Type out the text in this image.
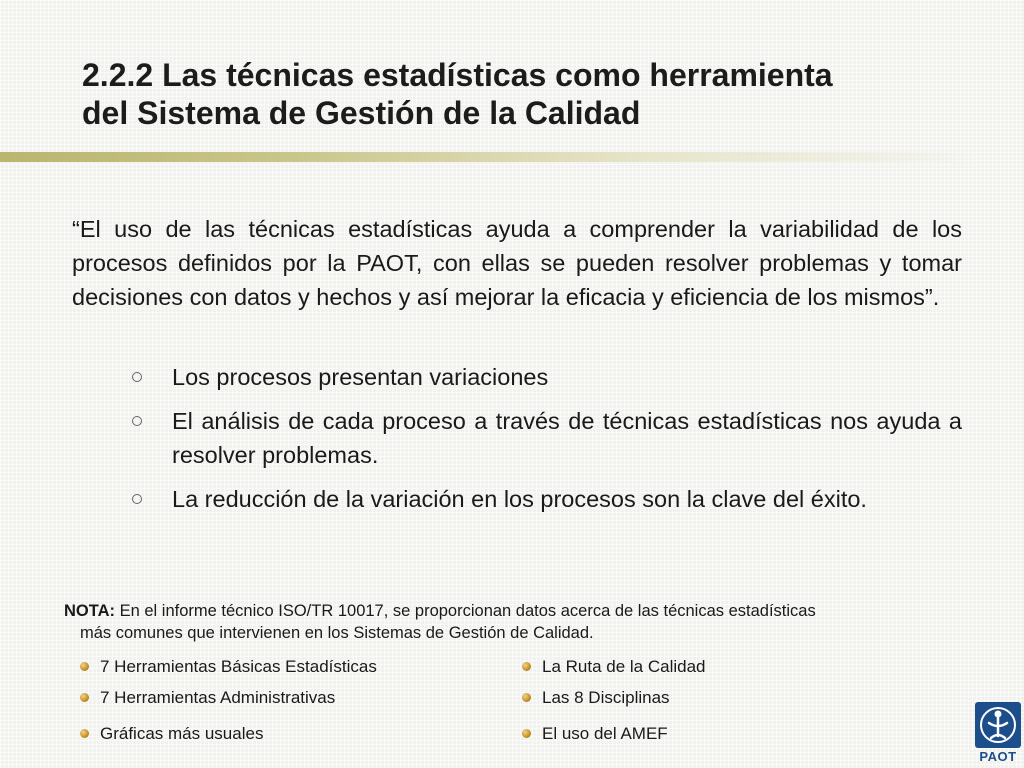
2.2.2 Las técnicas estadísticas como herramienta
del Sistema de Gestión de la Calidad

“El uso de las técnicas estadísticas ayuda a comprender la variabilidad de los procesos definidos por la PAOT, con ellas se pueden resolver problemas y tomar decisiones con datos y hechos y así mejorar la eficacia y eficiencia de los mismos”.

Los procesos presentan variaciones
El análisis de cada proceso a través de técnicas estadísticas nos ayuda a resolver problemas.
La reducción de la variación en los procesos son la clave del éxito.

NOTA: En el informe técnico ISO/TR 10017, se proporcionan datos acerca de las técnicas estadísticas
más comunes que intervienen en los Sistemas de Gestión de Calidad.

7 Herramientas Básicas Estadísticas	La Ruta de la Calidad
7 Herramientas Administrativas	Las 8 Disciplinas
Gráficas más usuales	El uso del AMEF
PAOT
